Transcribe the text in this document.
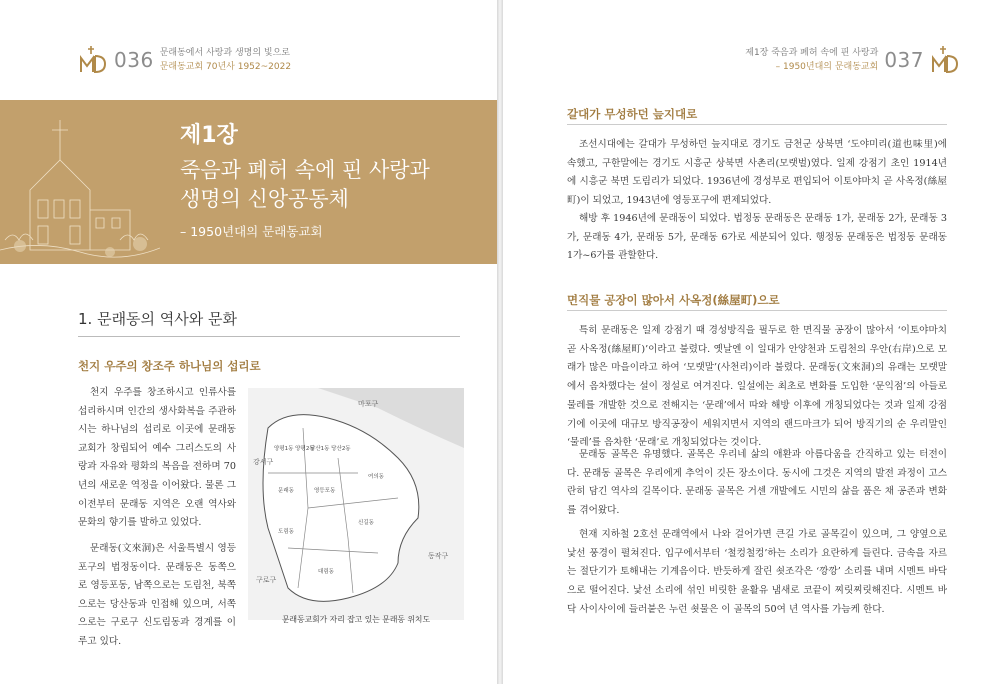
036 문래동에서 사랑과 생명의 빛으로
문래동교회 70년사 1952~2022
제1장
죽음과 폐허 속에 핀 사랑과
생명의 신앙공동체
– 1950년대의 문래동교회
1. 문래동의 역사와 문화
천지 우주의 창조주 하나님의 섭리로

천지 우주를 창조하시고 인류사를 섭리하시며 인간의 생사화복을 주관하시는 하나님의 섭리로 이곳에 문래동교회가 창립되어 예수 그리스도의 사랑과 자유와 평화의 복음을 전하며 70년의 새로운 역정을 이어왔다. 물론 그 이전부터 문래동 지역은 오랜 역사와 문화의 향기를 발하고 있었다.

문래동(文來洞)은 서울특별시 영등포구의 법정동이다. 문래동은 동쪽으로 영등포동, 남쪽으로는 도림천, 북쪽으로는 당산동과 인접해 있으며, 서쪽으로는 구로구 신도림동과 경계를 이루고 있다.

마포구
강서구
구로구
동작구
양평1동 양평2동
당산1동 당산2동
문래동
여의동
영등포동
신길동
대림동
도림동
문래동교회가 자리 잡고 있는 문래동 위치도
제1장 죽음과 폐허 속에 핀 사랑과
– 1950년대의 문래동교회 037
갈대가 무성하던 늪지대로

조선시대에는 갈대가 무성하던 늪지대로 경기도 금천군 상북면 ‘도야미리(道也味里)에 속했고, 구한말에는 경기도 시흥군 상북면 사촌리(모랫벌)였다. 일제 강점기 초인 1914년에 시흥군 북면 도림리가 되었다. 1936년에 경성부로 편입되어 이토야마치 곧 사옥정(絲屋町)이 되었고, 1943년에 영등포구에 편제되었다.

해방 후 1946년에 문래동이 되었다. 법정동 문래동은 문래동 1가, 문래동 2가, 문래동 3가, 문래동 4가, 문래동 5가, 문래동 6가로 세분되어 있다. 행정동 문래동은 법정동 문래동 1가~6가를 관할한다.

면직물 공장이 많아서 사옥정(絲屋町)으로

특히 문래동은 일제 강점기 때 경성방직을 필두로 한 면직물 공장이 많아서 ‘이토야마치 곧 사옥정(絲屋町)’이라고 불렸다. 옛날엔 이 일대가 안양천과 도림천의 우안(右岸)으로 모래가 많은 마을이라고 하여 ‘모랫말’(사천리)이라 불렸다. 문래동(文來洞)의 유래는 모랫말에서 음차했다는 설이 정설로 여겨진다. 일설에는 최초로 변화를 도입한 ‘문익점’의 아들로 물레를 개발한 것으로 전해지는 ‘문래’에서 따와 해방 이후에 개칭되었다는 것과 일제 강점기에 이곳에 대규모 방직공장이 세워지면서 지역의 랜드마크가 되어 방직기의 순 우리말인 ‘물레’를 음차한 ‘문래’로 개칭되었다는 것이다.

문래동 골목은 유명했다. 골목은 우리네 삶의 애환과 아름다움을 간직하고 있는 터전이다. 문래동 골목은 우리에게 추억이 깃든 장소이다. 동시에 그것은 지역의 발전 과정이 고스란히 담긴 역사의 길목이다. 문래동 골목은 거센 개발에도 시민의 삶을 품은 채 공존과 변화를 겪어왔다.

현재 지하철 2호선 문래역에서 나와 걸어가면 큰길 가로 골목길이 있으며, 그 양옆으로 낯선 풍경이 펼쳐진다. 입구에서부터 ‘철컹철컹’하는 소리가 요란하게 들린다. 금속을 자르는 절단기가 토해내는 기계음이다. 반듯하게 잘린 쇳조각은 ‘깡깡’ 소리를 내며 시멘트 바닥으로 떨어진다. 낯선 소리에 섞인 비릿한 윤활유 냄새로 코끝이 찌릿찌릿해진다. 시멘트 바닥 사이사이에 들러붙은 누런 쇳물은 이 골목의 50여 년 역사를 가늠케 한다.
